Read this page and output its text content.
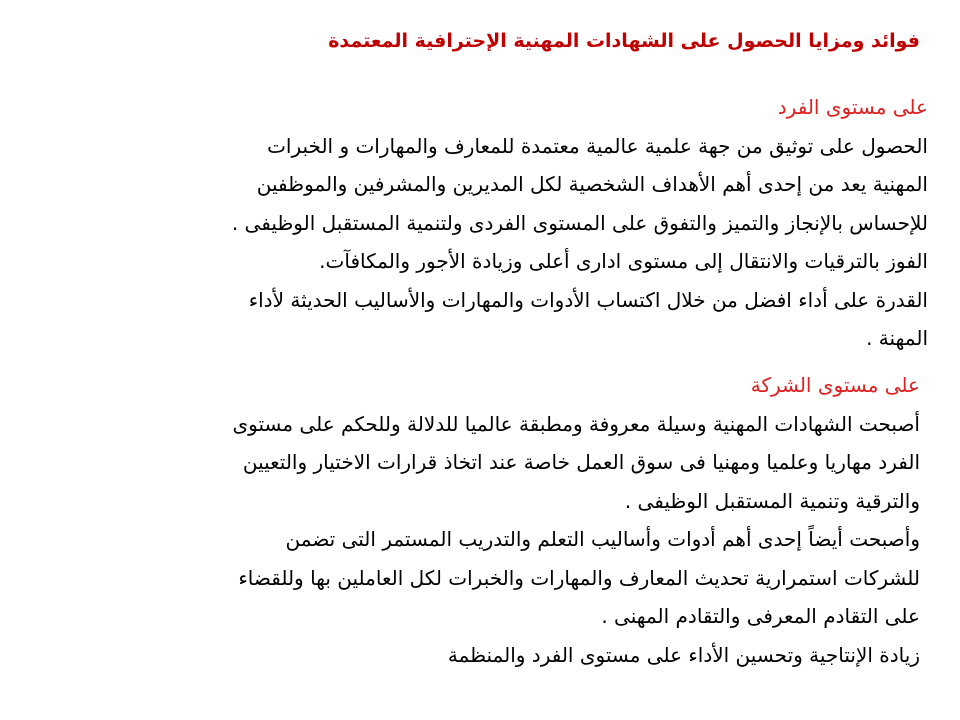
فوائد ومزايا الحصول على الشهادات المهنية الإحترافية المعتمدة
على مستوى الفرد
الحصول على توثيق من جهة علمية عالمية معتمدة للمعارف والمهارات و الخبرات
المهنية يعد من إحدى أهم الأهداف الشخصية لكل المديرين والمشرفين والموظفين
للإحساس بالإنجاز والتميز والتفوق على المستوى الفردى ولتنمية المستقبل الوظيفى .
الفوز بالترقيات والانتقال إلى مستوى ادارى أعلى وزيادة الأجور والمكافآت.
القدرة على أداء افضل من خلال اكتساب الأدوات والمهارات والأساليب الحديثة لأداء
المهنة .
على مستوى الشركة
أصبحت الشهادات المهنية وسيلة معروفة ومطبقة عالميا للدلالة وللحكم على مستوى
الفرد مهاريا وعلميا ومهنيا فى سوق العمل خاصة عند اتخاذ قرارات الاختيار والتعيين
والترقية وتنمية المستقبل الوظيفى .
وأصبحت أيضاً إحدى أهم أدوات وأساليب التعلم والتدريب المستمر التى تضمن
للشركات استمرارية تحديث المعارف والمهارات والخبرات لكل العاملين بها وللقضاء
على التقادم المعرفى والتقادم المهنى .
زيادة الإنتاجية وتحسين الأداء على مستوى الفرد والمنظمة
